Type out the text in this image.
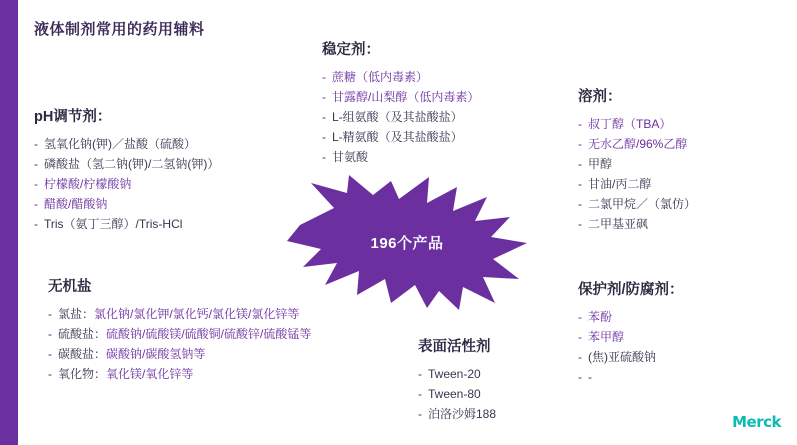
液体制剂常用的药用辅料
pH调节剂：
- 氢氧化钠(钾)／盐酸（硫酸）
- 磷酸盐（氢二钠(钾)/二氢钠(钾)）
- 柠檬酸/柠檬酸钠
- 醋酸/醋酸钠
- Tris（氨丁三醇）/Tris-HCl
稳定剂：
- 蔗糖（低内毒素）
- 甘露醇/山梨醇（低内毒素）
- L-组氨酸（及其盐酸盐）
- L-精氨酸（及其盐酸盐）
- 甘氨酸
溶剂：
- 叔丁醇（TBA）
- 无水乙醇/96%乙醇
- 甲醇
- 甘油/丙二醇
- 二氯甲烷／（氯仿）
- 二甲基亚砜
无机盐
- 氯盐：氯化钠/氯化钾/氯化钙/氯化镁/氯化锌等
- 硫酸盐：硫酸钠/硫酸镁/硫酸铜/硫酸锌/硫酸锰等
- 碳酸盐：碳酸钠/碳酸氢钠等
- 氧化物：氧化镁/氧化锌等
表面活性剂
- Tween-20
- Tween-80
- 泊洛沙姆188
保护剂/防腐剂：
- 苯酚
- 苯甲醇
- (焦)亚硫酸钠
- -
196个产品
30	Merck
